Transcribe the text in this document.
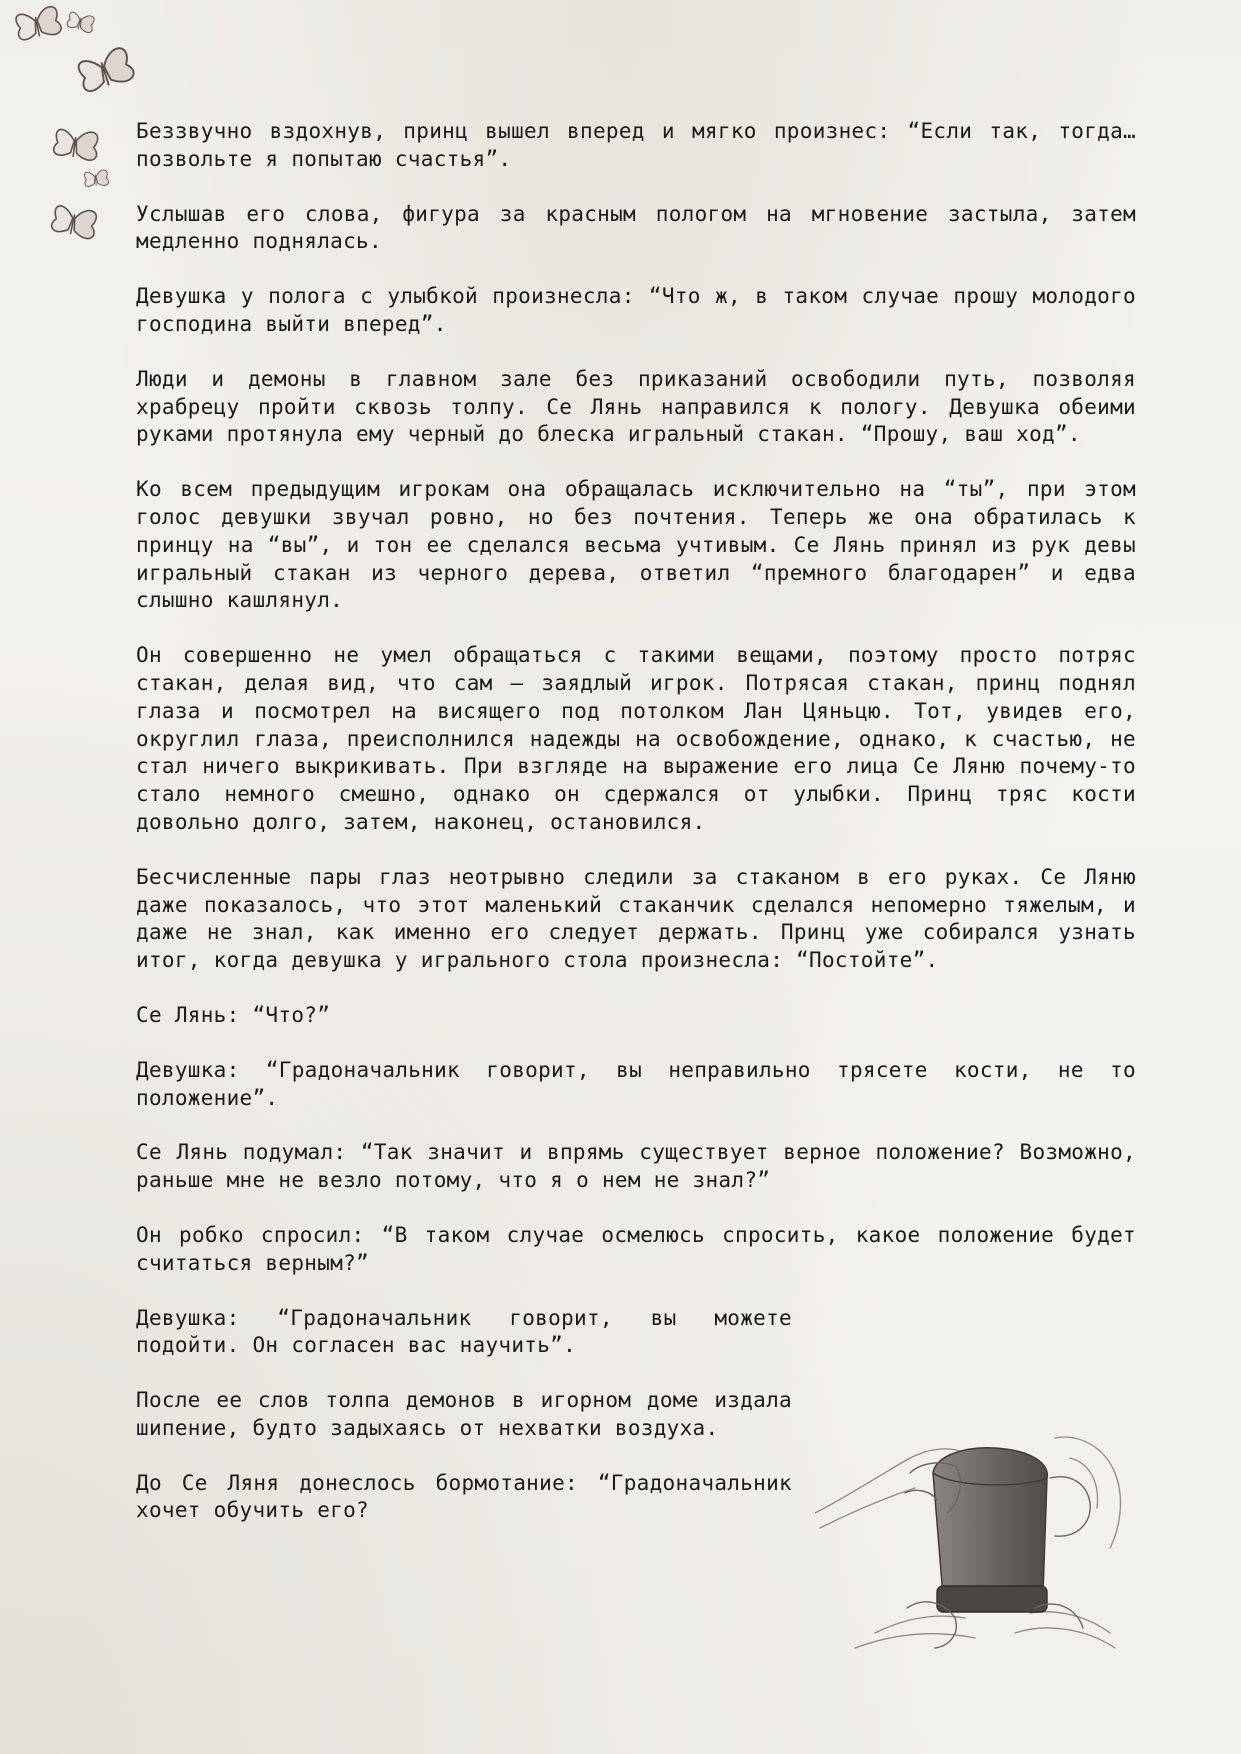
Беззвучно вздохнув, принц вышел вперед и мягко произнес: “Если так, тогда… позвольте я попытаю счастья”.

Услышав его слова, фигура за красным пологом на мгновение застыла, затем медленно поднялась.

Девушка у полога с улыбкой произнесла: “Что ж, в таком случае прошу молодого господина выйти вперед”.

Люди и демоны в главном зале без приказаний освободили путь, позволяя храбрецу пройти сквозь толпу. Се Лянь направился к пологу. Девушка обеими руками протянула ему черный до блеска игральный стакан. “Прошу, ваш ход”.

Ко всем предыдущим игрокам она обращалась исключительно на “ты”, при этом голос девушки звучал ровно, но без почтения. Теперь же она обратилась к принцу на “вы”, и тон ее сделался весьма учтивым. Се Лянь принял из рук девы игральный стакан из черного дерева, ответил “премного благодарен” и едва слышно кашлянул.

Он совершенно не умел обращаться с такими вещами, поэтому просто потряс стакан, делая вид, что сам — заядлый игрок. Потрясая стакан, принц поднял глаза и посмотрел на висящего под потолком Лан Цяньцю. Тот, увидев его, округлил глаза, преисполнился надежды на освобождение, однако, к счастью, не стал ничего выкрикивать. При взгляде на выражение его лица Се Ляню почему-то стало немного смешно, однако он сдержался от улыбки. Принц тряс кости довольно долго, затем, наконец, остановился.

Бесчисленные пары глаз неотрывно следили за стаканом в его руках. Се Ляню даже показалось, что этот маленький стаканчик сделался непомерно тяжелым, и даже не знал, как именно его следует держать. Принц уже собирался узнать итог, когда девушка у игрального стола произнесла: “Постойте”.

Се Лянь: “Что?”

Девушка: “Градоначальник говорит, вы неправильно трясете кости, не то положение”.

Се Лянь подумал: “Так значит и впрямь существует верное положение? Возможно, раньше мне не везло потому, что я о нем не знал?”

Он робко спросил: “В таком случае осмелюсь спросить, какое положение будет считаться верным?”

Девушка: “Градоначальник говорит, вы можете подойти. Он согласен вас научить”.

После ее слов толпа демонов в игорном доме издала шипение, будто задыхаясь от нехватки воздуха.

До Се Ляня донеслось бормотание: “Градоначальник хочет обучить его?
